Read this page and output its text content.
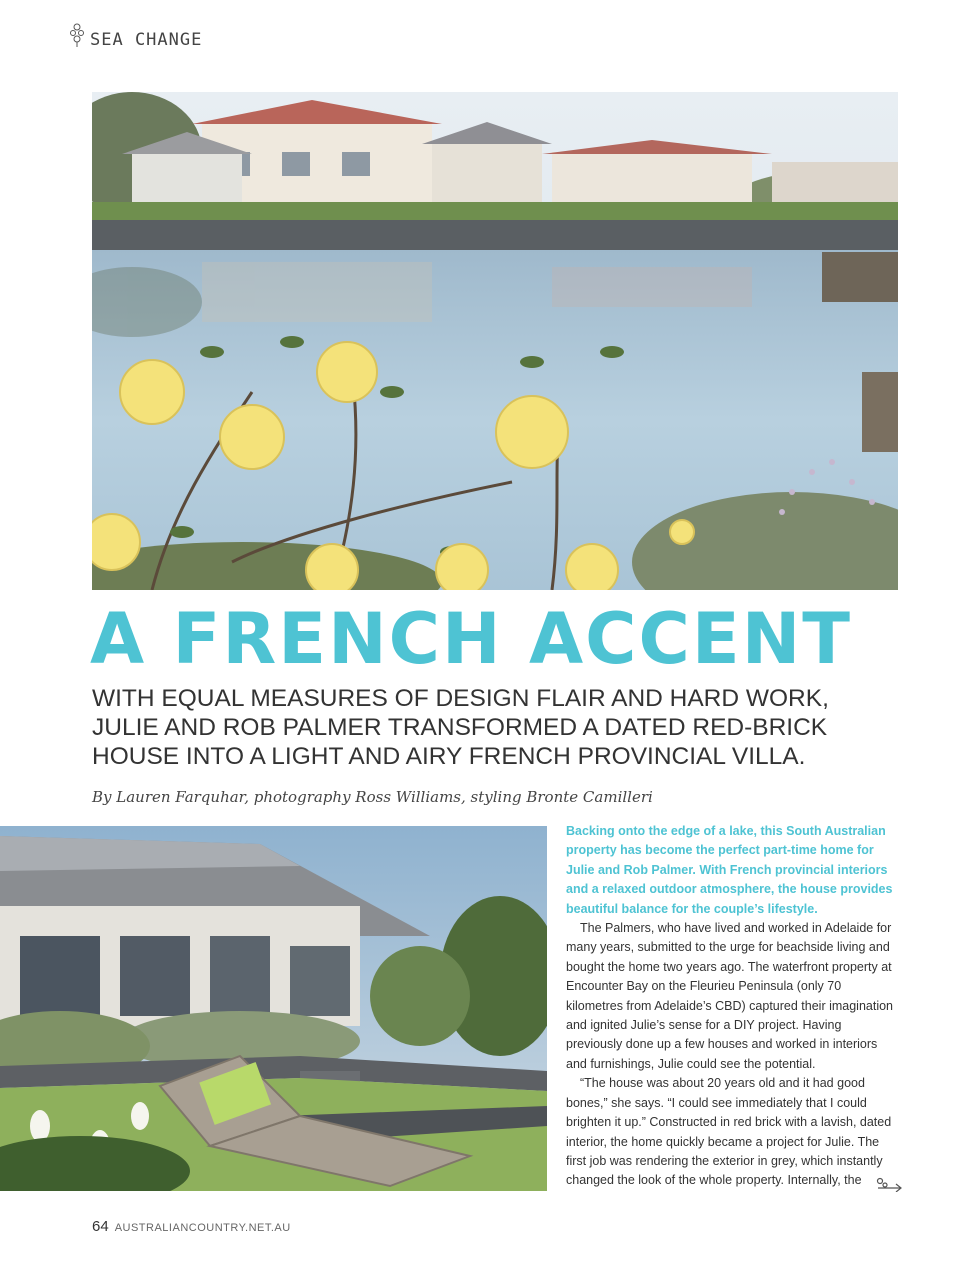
SEA CHANGE
A FRENCH ACCENT

WITH EQUAL MEASURES OF DESIGN FLAIR AND HARD WORK, JULIE AND ROB PALMER TRANSFORMED A DATED RED-BRICK HOUSE INTO A LIGHT AND AIRY FRENCH PROVINCIAL VILLA.

By Lauren Farquhar, photography Ross Williams, styling Bronte Camilleri

Backing onto the edge of a lake, this South Australian property has become the perfect part-time home for Julie and Rob Palmer. With French provincial interiors and a relaxed outdoor atmosphere, the house provides beautiful balance for the couple’s lifestyle.

The Palmers, who have lived and worked in Adelaide for many years, submitted to the urge for beachside living and bought the home two years ago. The waterfront property at Encounter Bay on the Fleurieu Peninsula (only 70 kilometres from Adelaide’s CBD) captured their imagination and ignited Julie’s sense for a DIY project. Having previously done up a few houses and worked in interiors and furnishings, Julie could see the potential.

“The house was about 20 years old and it had good bones,” she says. “I could see immediately that I could brighten it up.” Constructed in red brick with a lavish, dated interior, the home quickly became a project for Julie. The first job was rendering the exterior in grey, which instantly changed the look of the whole property. Internally, the

64 AUSTRALIANCOUNTRY.NET.AU
